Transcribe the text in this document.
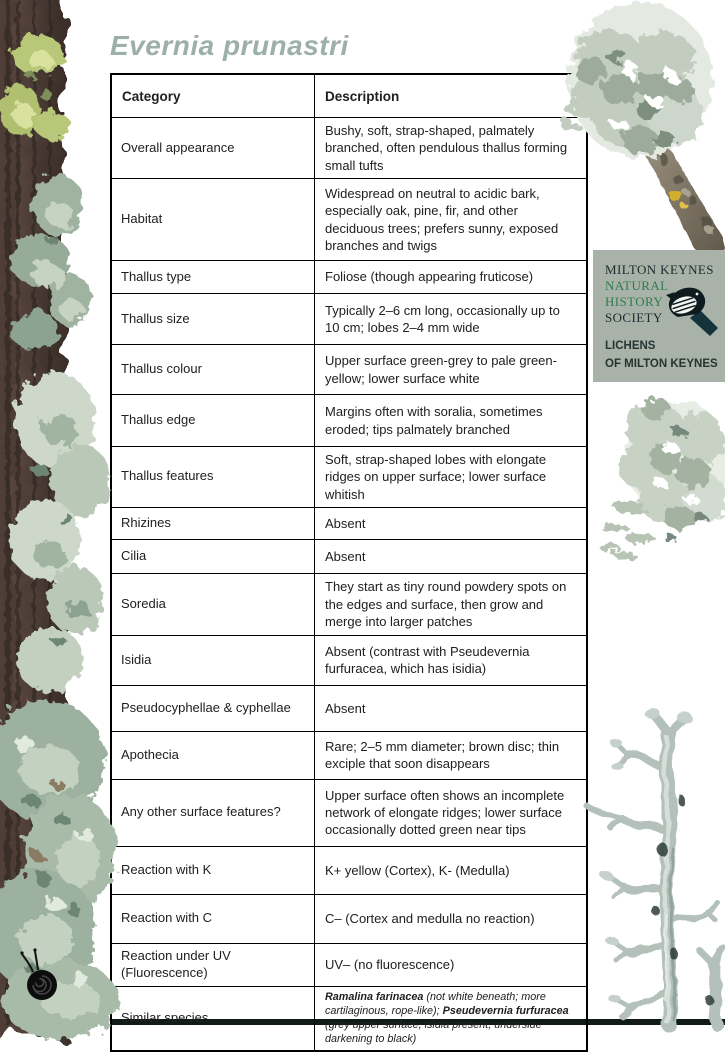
MILTON KEYNES
NATURAL
HISTORY
SOCIETY
LICHENS
OF MILTON KEYNES
Evernia prunastri
Category	Description
Overall appearance	Bushy, soft, strap-shaped, palmately branched, often pendulous thallus forming small tufts
Habitat	Widespread on neutral to acidic bark, especially oak, pine, fir, and other deciduous trees; prefers sunny, exposed branches and twigs
Thallus type	Foliose (though appearing fruticose)
Thallus size	Typically 2–6 cm long, occasionally up to 10 cm; lobes 2–4 mm wide
Thallus colour	Upper surface green-grey to pale green-yellow; lower surface white
Thallus edge	Margins often with soralia, sometimes eroded; tips palmately branched
Thallus features	Soft, strap-shaped lobes with elongate ridges on upper surface; lower surface whitish
Rhizines	Absent
Cilia	Absent
Soredia	They start as tiny round powdery spots on the edges and surface, then grow and merge into larger patches
Isidia	Absent (contrast with Pseudevernia furfuracea, which has isidia)
Pseudocyphellae & cyphellae	Absent
Apothecia	Rare; 2–5 mm diameter; brown disc; thin exciple that soon disappears
Any other surface features?	Upper surface often shows an incomplete network of elongate ridges; lower surface occasionally dotted green near tips
Reaction with K	K+ yellow (Cortex), K- (Medulla)
Reaction with C	C– (Cortex and medulla no reaction)
Reaction under UV (Fluorescence)	UV– (no fluorescence)
Similar species	Ramalina farinacea (not white beneath; more cartilaginous, rope-like); Pseudevernia furfuracea (grey upper surface, isidia present, underside darkening to black)
